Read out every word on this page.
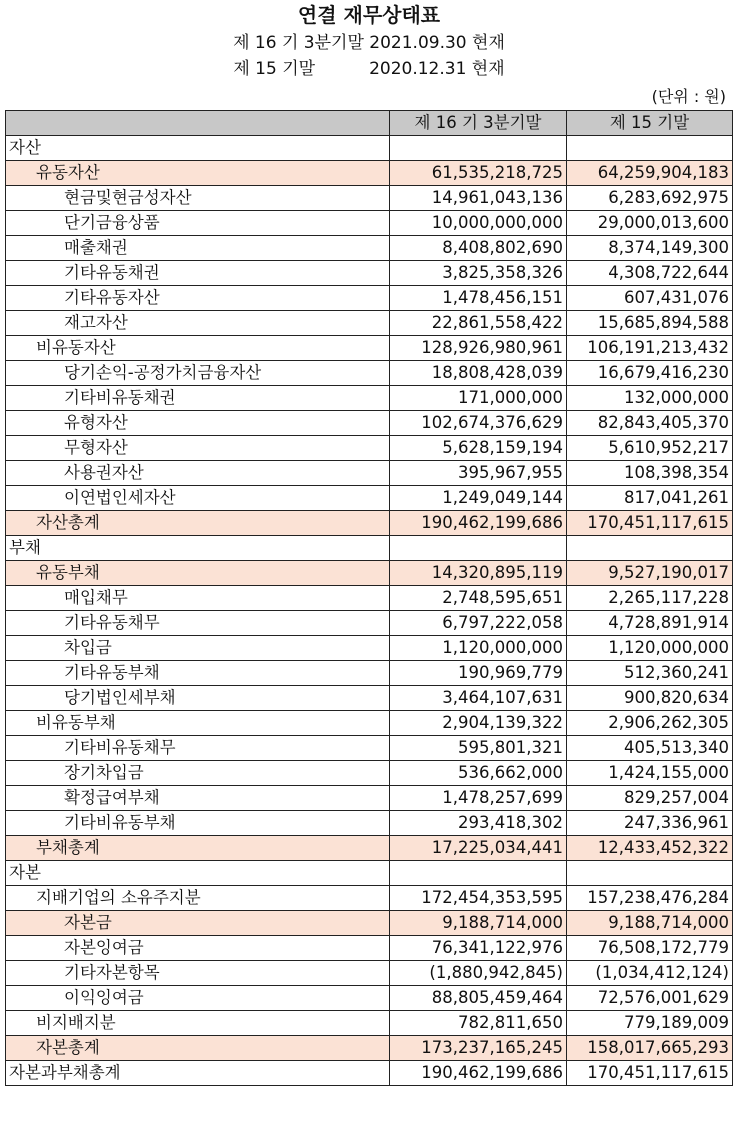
연결 재무상태표
제 16 기 3분기말 2021.09.30 현재
제 15 기말          2020.12.31 현재
(단위 : 원)
	제 16 기 3분기말	제 15 기말
자산		
유동자산	61,535,218,725	64,259,904,183
현금및현금성자산	14,961,043,136	6,283,692,975
단기금융상품	10,000,000,000	29,000,013,600
매출채권	8,408,802,690	8,374,149,300
기타유동채권	3,825,358,326	4,308,722,644
기타유동자산	1,478,456,151	607,431,076
재고자산	22,861,558,422	15,685,894,588
비유동자산	128,926,980,961	106,191,213,432
당기손익-공정가치금융자산	18,808,428,039	16,679,416,230
기타비유동채권	171,000,000	132,000,000
유형자산	102,674,376,629	82,843,405,370
무형자산	5,628,159,194	5,610,952,217
사용권자산	395,967,955	108,398,354
이연법인세자산	1,249,049,144	817,041,261
자산총계	190,462,199,686	170,451,117,615
부채		
유동부채	14,320,895,119	9,527,190,017
매입채무	2,748,595,651	2,265,117,228
기타유동채무	6,797,222,058	4,728,891,914
차입금	1,120,000,000	1,120,000,000
기타유동부채	190,969,779	512,360,241
당기법인세부채	3,464,107,631	900,820,634
비유동부채	2,904,139,322	2,906,262,305
기타비유동채무	595,801,321	405,513,340
장기차입금	536,662,000	1,424,155,000
확정급여부채	1,478,257,699	829,257,004
기타비유동부채	293,418,302	247,336,961
부채총계	17,225,034,441	12,433,452,322
자본		
지배기업의 소유주지분	172,454,353,595	157,238,476,284
자본금	9,188,714,000	9,188,714,000
자본잉여금	76,341,122,976	76,508,172,779
기타자본항목	(1,880,942,845)	(1,034,412,124)
이익잉여금	88,805,459,464	72,576,001,629
비지배지분	782,811,650	779,189,009
자본총계	173,237,165,245	158,017,665,293
자본과부채총계	190,462,199,686	170,451,117,615
